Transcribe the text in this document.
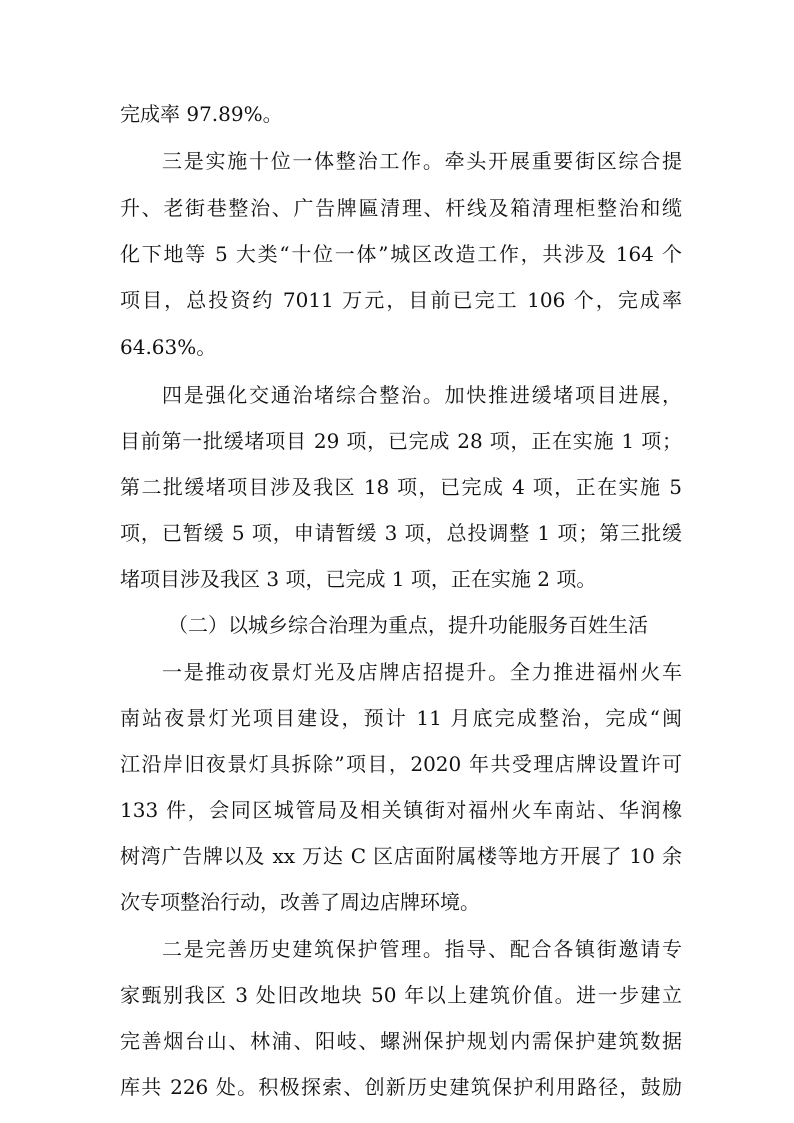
完成率 97.89%。
三是实施十位一体整治工作。牵头开展重要街区综合提
升、老街巷整治、广告牌匾清理、杆线及箱清理柜整治和缆
化下地等 5 大类“十位一体”城区改造工作，共涉及 164 个
项目，总投资约 7011 万元，目前已完工 106 个，完成率
64.63%。
四是强化交通治堵综合整治。加快推进缓堵项目进展，
目前第一批缓堵项目 29 项，已完成 28 项，正在实施 1 项；
第二批缓堵项目涉及我区 18 项，已完成 4 项，正在实施 5
项，已暂缓 5 项，申请暂缓 3 项，总投调整 1 项；第三批缓
堵项目涉及我区 3 项，已完成 1 项，正在实施 2 项。
（二）以城乡综合治理为重点，提升功能服务百姓生活
一是推动夜景灯光及店牌店招提升。全力推进福州火车
南站夜景灯光项目建设，预计 11 月底完成整治，完成“闽
江沿岸旧夜景灯具拆除”项目，2020 年共受理店牌设置许可
133 件，会同区城管局及相关镇街对福州火车南站、华润橡
树湾广告牌以及 xx 万达 C 区店面附属楼等地方开展了 10 余
次专项整治行动，改善了周边店牌环境。
二是完善历史建筑保护管理。指导、配合各镇街邀请专
家甄别我区 3 处旧改地块 50 年以上建筑价值。进一步建立
完善烟台山、林浦、阳岐、螺洲保护规划内需保护建筑数据
库共 226 处。积极探索、创新历史建筑保护利用路径，鼓励
